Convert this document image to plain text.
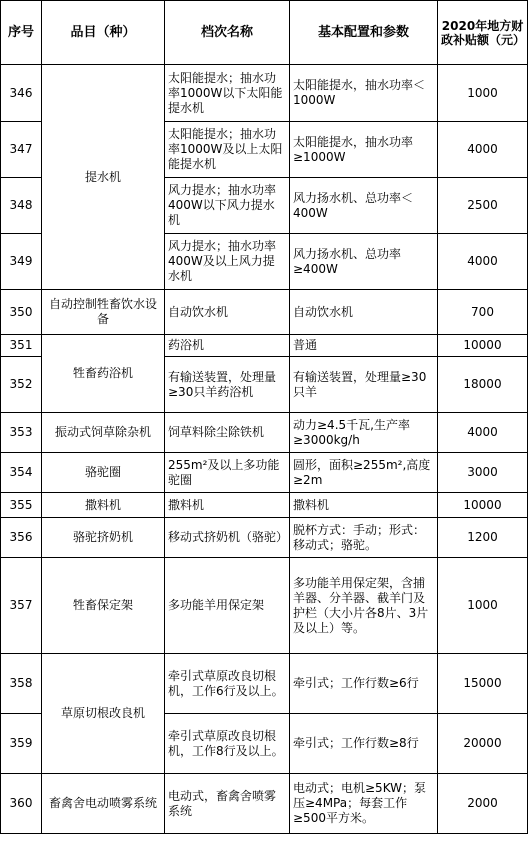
序号	品目（种）	档次名称	基本配置和参数	2020年地方财政补贴额（元）
346	提水机	太阳能提水；抽水功率1000W以下太阳能提水机	太阳能提水，抽水功率＜1000W	1000
347		太阳能提水；抽水功率1000W及以上太阳能提水机	太阳能提水，抽水功率≥1000W	4000
348		风力提水；抽水功率400W以下风力提水机	风力扬水机、总功率＜400W	2500
349		风力提水；抽水功率400W及以上风力提水机	风力扬水机、总功率≥400W	4000
350	自动控制牲畜饮水设备	自动饮水机	自动饮水机	700
351	牲畜药浴机	药浴机	普通	10000
352		有输送装置，处理量≥30只羊药浴机	有输送装置，处理量≥30只羊	18000
353	振动式饲草除杂机	饲草料除尘除铁机	动力≥4.5千瓦,生产率≥3000kg/h	4000
354	骆驼圈	255m²及以上多功能驼圈	圆形，面积≥255m²,高度≥2m	3000
355	撒料机	撒料机	撒料机	10000
356	骆驼挤奶机	移动式挤奶机（骆驼）	脱杯方式：手动；形式：移动式；骆驼。	1200
357	牲畜保定架	多功能羊用保定架	多功能羊用保定架，含捕羊器、分羊器、截羊门及护栏（大小片各8片、3片及以上）等。	1000
358	草原切根改良机	牵引式草原改良切根机，工作6行及以上。	牵引式；工作行数≥6行	15000
359		牵引式草原改良切根机，工作8行及以上。	牵引式；工作行数≥8行	20000
360	畜禽舍电动喷雾系统	电动式，畜禽舍喷雾系统	电动式；电机≥5KW；泵压≥4MPa；每套工作≥500平方米。	2000
